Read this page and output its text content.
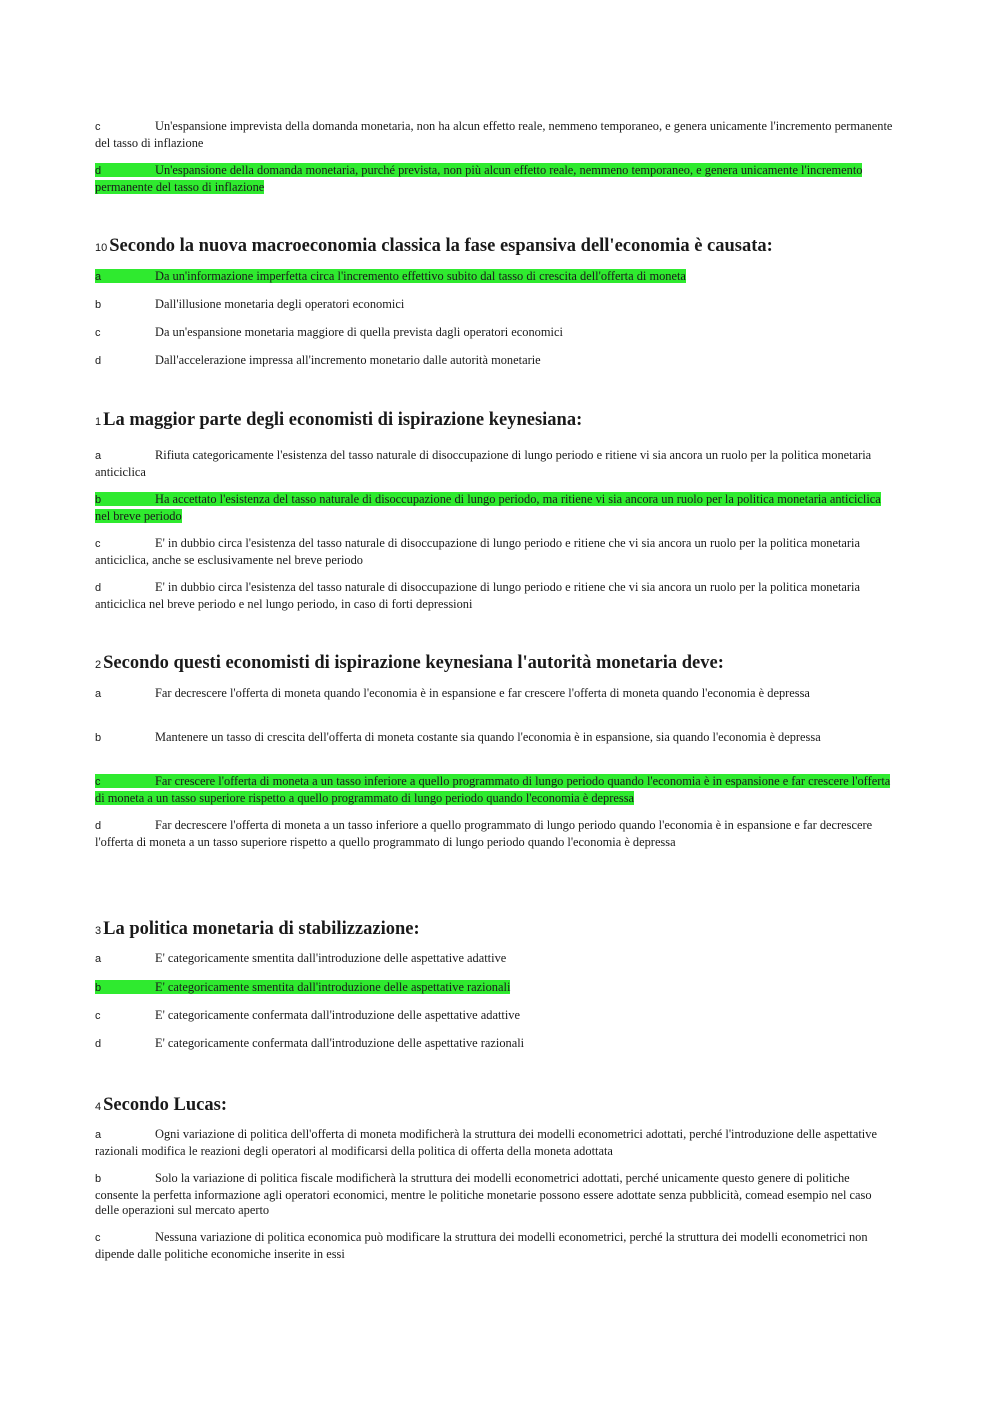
c	Un'espansione imprevista della domanda monetaria, non ha alcun effetto reale, nemmeno temporaneo, e genera unicamente l'incremento permanente del tasso di inflazione
d	Un'espansione della domanda monetaria, purché prevista, non più alcun effetto reale, nemmeno temporaneo, e genera unicamente l'incremento permanente del tasso di inflazione
10 Secondo la nuova macroeconomia classica la fase espansiva dell'economia è causata:
a	Da un'informazione imperfetta circa l'incremento effettivo subito dal tasso di crescita dell'offerta di moneta
b	Dall'illusione monetaria degli operatori economici
c	Da un'espansione monetaria maggiore di quella prevista dagli operatori economici
d	Dall'accelerazione impressa all'incremento monetario dalle autorità monetarie
1 La maggior parte degli economisti di ispirazione keynesiana:
a	Rifiuta categoricamente l'esistenza del tasso naturale di disoccupazione di lungo periodo e ritiene vi sia ancora un ruolo per la politica monetaria anticiclica
b	Ha accettato l'esistenza del tasso naturale di disoccupazione di lungo periodo, ma ritiene vi sia ancora un ruolo per la politica monetaria anticiclica nel breve periodo
c	E' in dubbio circa l'esistenza del tasso naturale di disoccupazione di lungo periodo e ritiene che vi sia ancora un ruolo per la politica monetaria anticiclica, anche se esclusivamente nel breve periodo
d	E' in dubbio circa l'esistenza del tasso naturale di disoccupazione di lungo periodo e ritiene che vi sia ancora un ruolo per la politica monetaria anticiclica nel breve periodo e nel lungo periodo, in caso di forti depressioni
2 Secondo questi economisti di ispirazione keynesiana l'autorità monetaria deve:
a	Far decrescere l'offerta di moneta quando l'economia è in espansione e far crescere l'offerta di moneta quando l'economia è depressa
b	Mantenere un tasso di crescita dell'offerta di moneta costante sia quando l'economia è in espansione, sia quando l'economia è depressa
c	Far crescere l'offerta di moneta a un tasso inferiore a quello programmato di lungo periodo quando l'economia è in espansione e far crescere l'offerta di moneta a un tasso superiore rispetto a quello programmato di lungo periodo quando l'economia è depressa
d	Far decrescere l'offerta di moneta a un tasso inferiore a quello programmato di lungo periodo quando l'economia è in espansione e far decrescere l'offerta di moneta a un tasso superiore rispetto a quello programmato di lungo periodo quando l'economia è depressa
3 La politica monetaria di stabilizzazione:
a	E' categoricamente smentita dall'introduzione delle aspettative adattive
b	E' categoricamente smentita dall'introduzione delle aspettative razionali
c	E' categoricamente confermata dall'introduzione delle aspettative adattive
d	E' categoricamente confermata dall'introduzione delle aspettative razionali
4 Secondo Lucas:
a	Ogni variazione di politica dell'offerta di moneta modificherà la struttura dei modelli econometrici adottati, perché l'introduzione delle aspettative razionali modifica le reazioni degli operatori al modificarsi della politica di offerta della moneta adottata
b	Solo la variazione di politica fiscale modificherà la struttura dei modelli econometrici adottati, perché unicamente questo genere di politiche consente la perfetta informazione agli operatori economici, mentre le politiche monetarie possono essere adottate senza pubblicità, comead esempio nel caso delle operazioni sul mercato aperto
c	Nessuna variazione di politica economica può modificare la struttura dei modelli econometrici, perché la struttura dei modelli econometrici non dipende dalle politiche economiche inserite in essi
